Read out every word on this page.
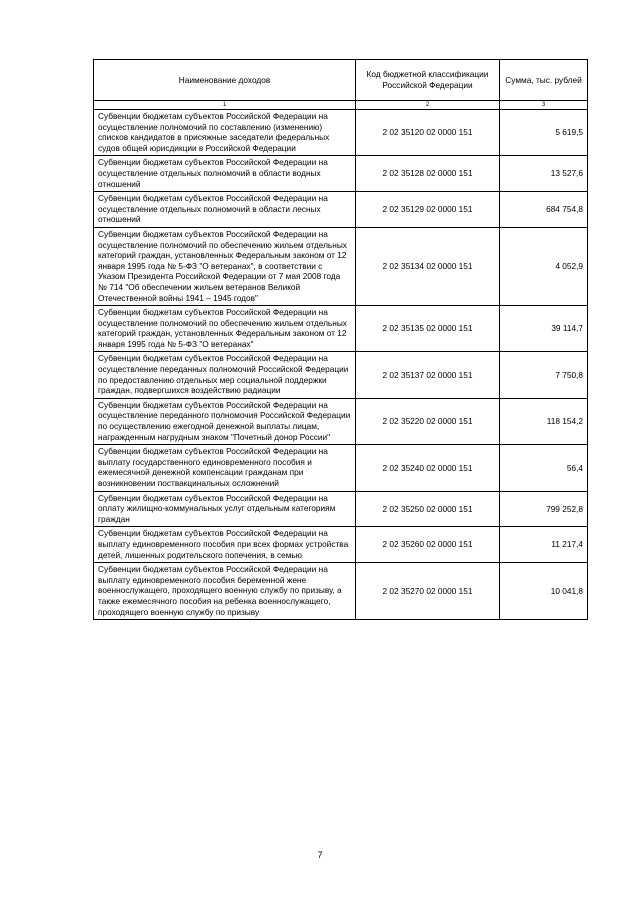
Наименование доходов	Код бюджетной классификации Российской Федерации	Сумма, тыс. рублей
1	2	3
Субвенции бюджетам субъектов Российской Федерации на осуществление полномочий по составлению (изменению) списков кандидатов в присяжные заседатели федеральных судов общей юрисдикции в Российской Федерации	2 02 35120 02 0000 151	5 619,5
Субвенции бюджетам субъектов Российской Федерации на осуществление отдельных полномочий в области водных отношений	2 02 35128 02 0000 151	13 527,6
Субвенции бюджетам субъектов Российской Федерации на осуществление отдельных полномочий в области лесных отношений	2 02 35129 02 0000 151	684 754,8
Субвенции бюджетам субъектов Российской Федерации на осуществление полномочий по обеспечению жильем отдельных категорий граждан, установленных Федеральным законом от 12 января 1995 года № 5-ФЗ "О ветеранах", в соответствии с Указом Президента Российской Федерации от 7 мая 2008 года № 714 "Об обеспечении жильем ветеранов Великой Отечественной войны 1941 – 1945 годов"	2 02 35134 02 0000 151	4 052,9
Субвенции бюджетам субъектов Российской Федерации на осуществление полномочий по обеспечению жильем отдельных категорий граждан, установленных Федеральным законом от 12 января 1995 года № 5-ФЗ "О ветеранах"	2 02 35135 02 0000 151	39 114,7
Субвенции бюджетам субъектов Российской Федерации на осуществление переданных полномочий Российской Федерации по предоставлению отдельных мер социальной поддержки граждан, подвергшихся воздействию радиации	2 02 35137 02 0000 151	7 750,8
Субвенции бюджетам субъектов Российской Федерации на осуществление переданного полномочия Российской Федерации по осуществлению ежегодной денежной выплаты лицам, награжденным нагрудным знаком "Почетный донор России"	2 02 35220 02 0000 151	118 154,2
Субвенции бюджетам субъектов Российской Федерации на выплату государственного единовременного пособия и ежемесячной денежной компенсации гражданам при возникновении поствакцинальных осложнений	2 02 35240 02 0000 151	56,4
Субвенции бюджетам субъектов Российской Федерации на оплату жилищно-коммунальных услуг отдельным категориям граждан	2 02 35250 02 0000 151	799 252,8
Субвенции бюджетам субъектов Российской Федерации на выплату единовременного пособия при всех формах устройства детей, лишенных родительского попечения, в семью	2 02 35260 02 0000 151	11 217,4
Субвенции бюджетам субъектов Российской Федерации на выплату единовременного пособия беременной жене военнослужащего, проходящего военную службу по призыву, а также ежемесячного пособия на ребенка военнослужащего, проходящего военную службу по призыву	2 02 35270 02 0000 151	10 041,8
7
